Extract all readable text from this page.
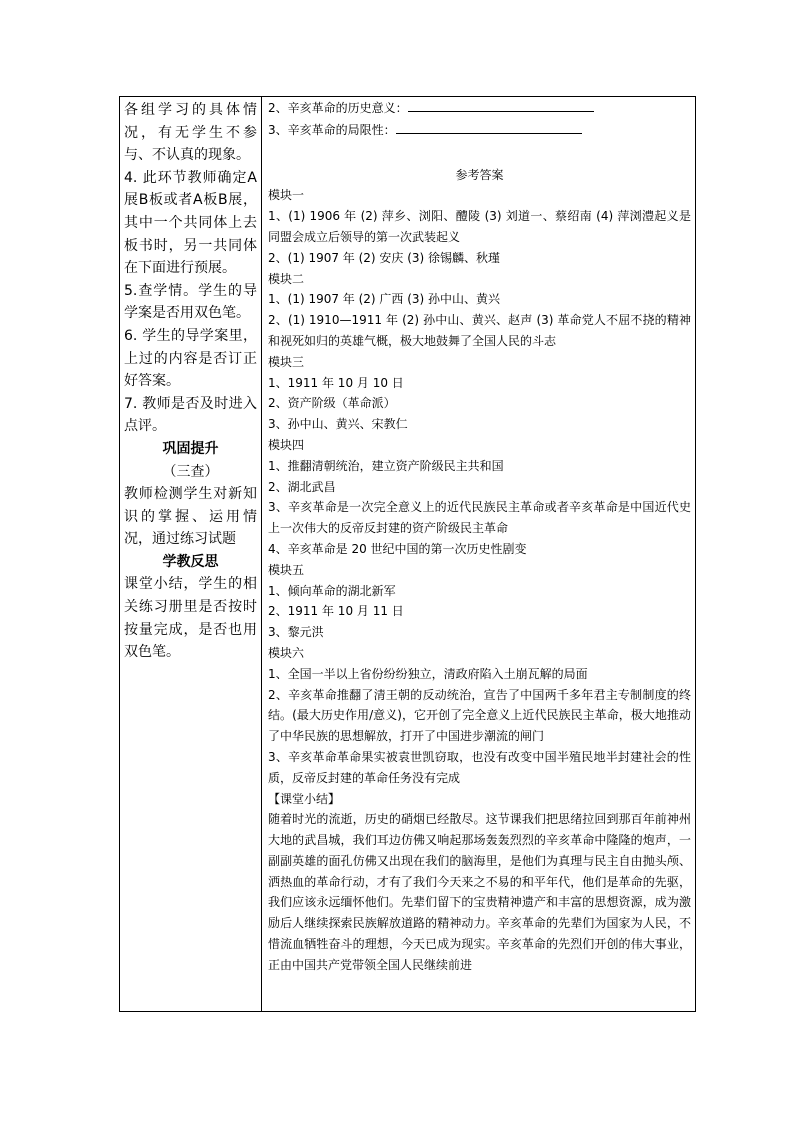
各组学习的具体情况，有无学生不参与、不认真的现象。

4. 此环节教师确定A展B板或者A板B展，其中一个共同体上去板书时，另一共同体在下面进行预展。

5.查学情。学生的导学案是否用双色笔。

6. 学生的导学案里，上过的内容是否订正好答案。

7. 教师是否及时进入点评。

巩固提升

（三查）

教师检测学生对新知识的掌握、运用情况，通过练习试题

学教反思

课堂小结，学生的相关练习册里是否按时按量完成，是否也用双色笔。

2、辛亥革命的历史意义：

3、辛亥革命的局限性：

参考答案

模块一

1、(1) 1906 年 (2) 萍乡、浏阳、醴陵 (3) 刘道一、蔡绍南 (4) 萍浏澧起义是同盟会成立后领导的第一次武装起义

2、(1) 1907 年 (2) 安庆 (3) 徐锡麟、秋瑾

模块二

1、(1) 1907 年 (2) 广西 (3) 孙中山、黄兴

2、(1) 1910—1911 年 (2) 孙中山、黄兴、赵声 (3) 革命党人不屈不挠的精神和视死如归的英雄气概，极大地鼓舞了全国人民的斗志

模块三

1、1911 年 10 月 10 日

2、资产阶级（革命派）

3、孙中山、黄兴、宋教仁

模块四

1、推翻清朝统治，建立资产阶级民主共和国

2、湖北武昌

3、辛亥革命是一次完全意义上的近代民族民主革命或者辛亥革命是中国近代史上一次伟大的反帝反封建的资产阶级民主革命

4、辛亥革命是 20 世纪中国的第一次历史性剧变

模块五

1、倾向革命的湖北新军

2、1911 年 10 月 11 日

3、黎元洪

模块六

1、全国一半以上省份纷纷独立，清政府陷入土崩瓦解的局面

2、辛亥革命推翻了清王朝的反动统治，宣告了中国两千多年君主专制制度的终结。(最大历史作用/意义)，它开创了完全意义上近代民族民主革命，极大地推动了中华民族的思想解放，打开了中国进步潮流的闸门

3、辛亥革命革命果实被袁世凯窃取，也没有改变中国半殖民地半封建社会的性质，反帝反封建的革命任务没有完成

【课堂小结】

随着时光的流逝，历史的硝烟已经散尽。这节课我们把思绪拉回到那百年前神州大地的武昌城，我们耳边仿佛又响起那场轰轰烈烈的辛亥革命中隆隆的炮声，一副副英雄的面孔仿佛又出现在我们的脑海里，是他们为真理与民主自由抛头颅、洒热血的革命行动，才有了我们今天来之不易的和平年代，他们是革命的先驱，我们应该永远缅怀他们。先辈们留下的宝贵精神遗产和丰富的思想资源，成为激励后人继续探索民族解放道路的精神动力。辛亥革命的先辈们为国家为人民，不惜流血牺牲奋斗的理想，今天已成为现实。辛亥革命的先烈们开创的伟大事业，正由中国共产党带领全国人民继续前进
